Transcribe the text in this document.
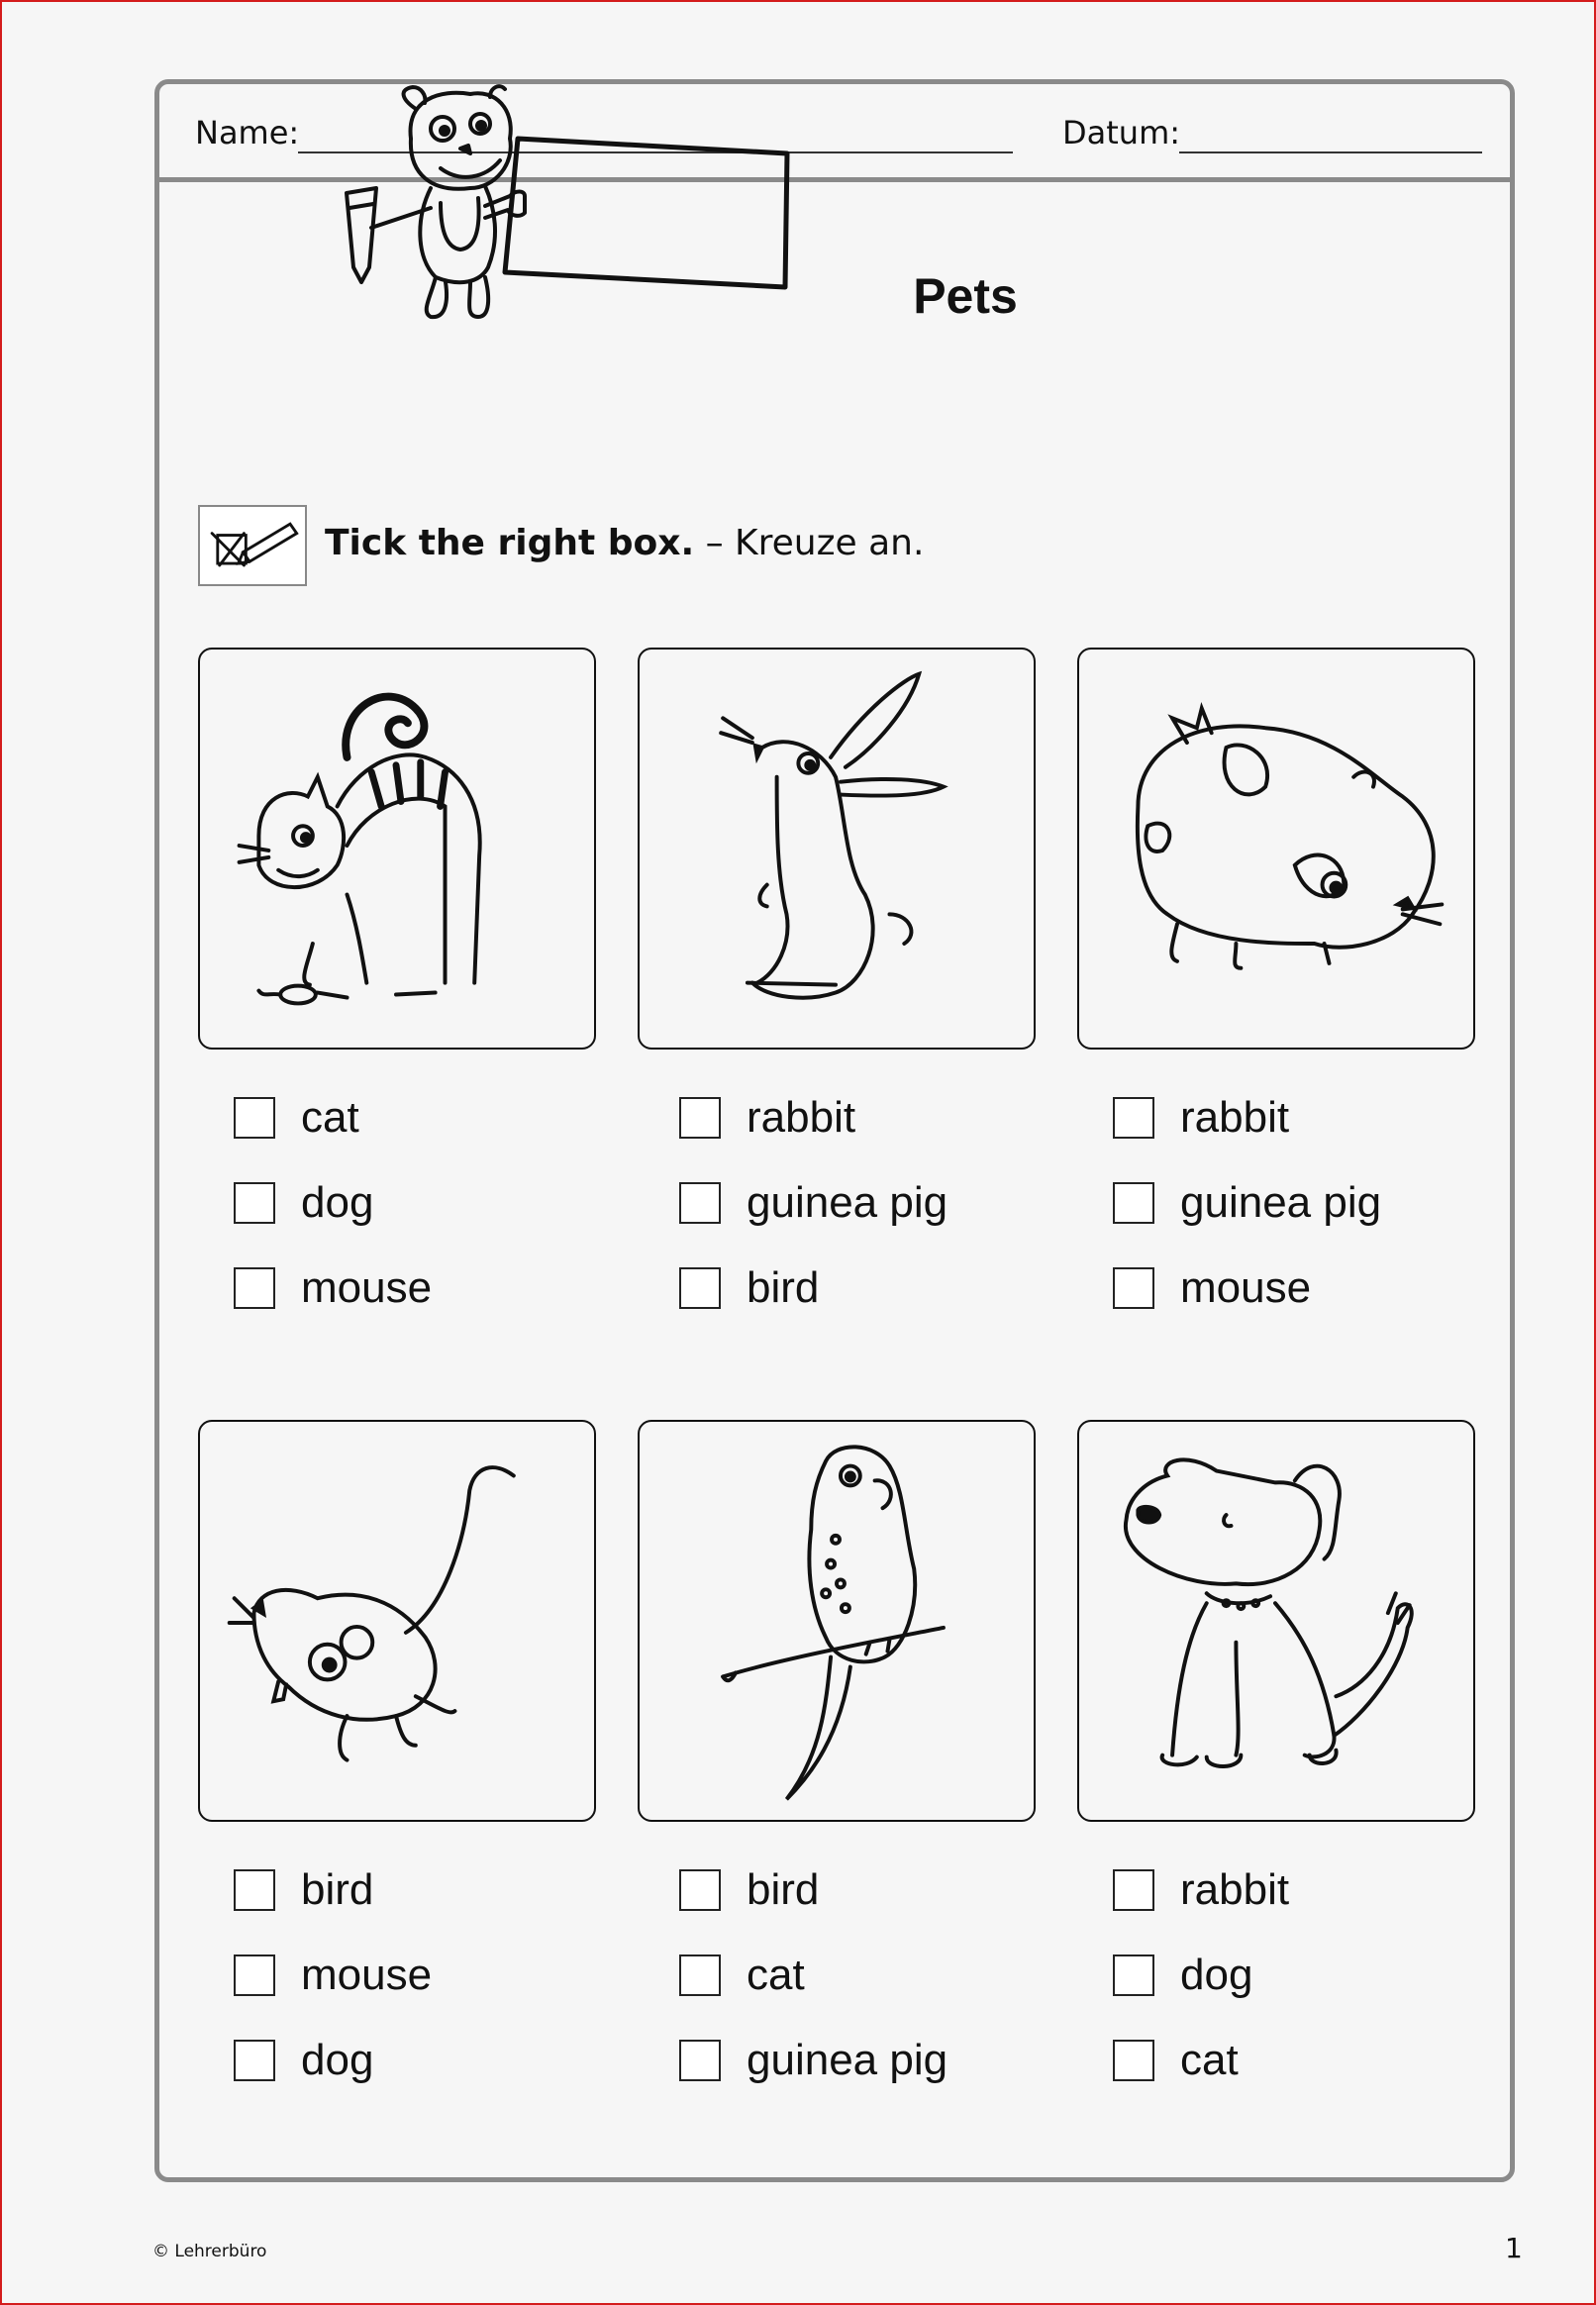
Name:	Datum:
Pets
Tick the right box. – Kreuze an.
cat
dog
mouse
rabbit
guinea pig
bird
rabbit
guinea pig
mouse
bird
mouse
dog
bird
cat
guinea pig
rabbit
dog
cat
© Lehrerbüro	1
